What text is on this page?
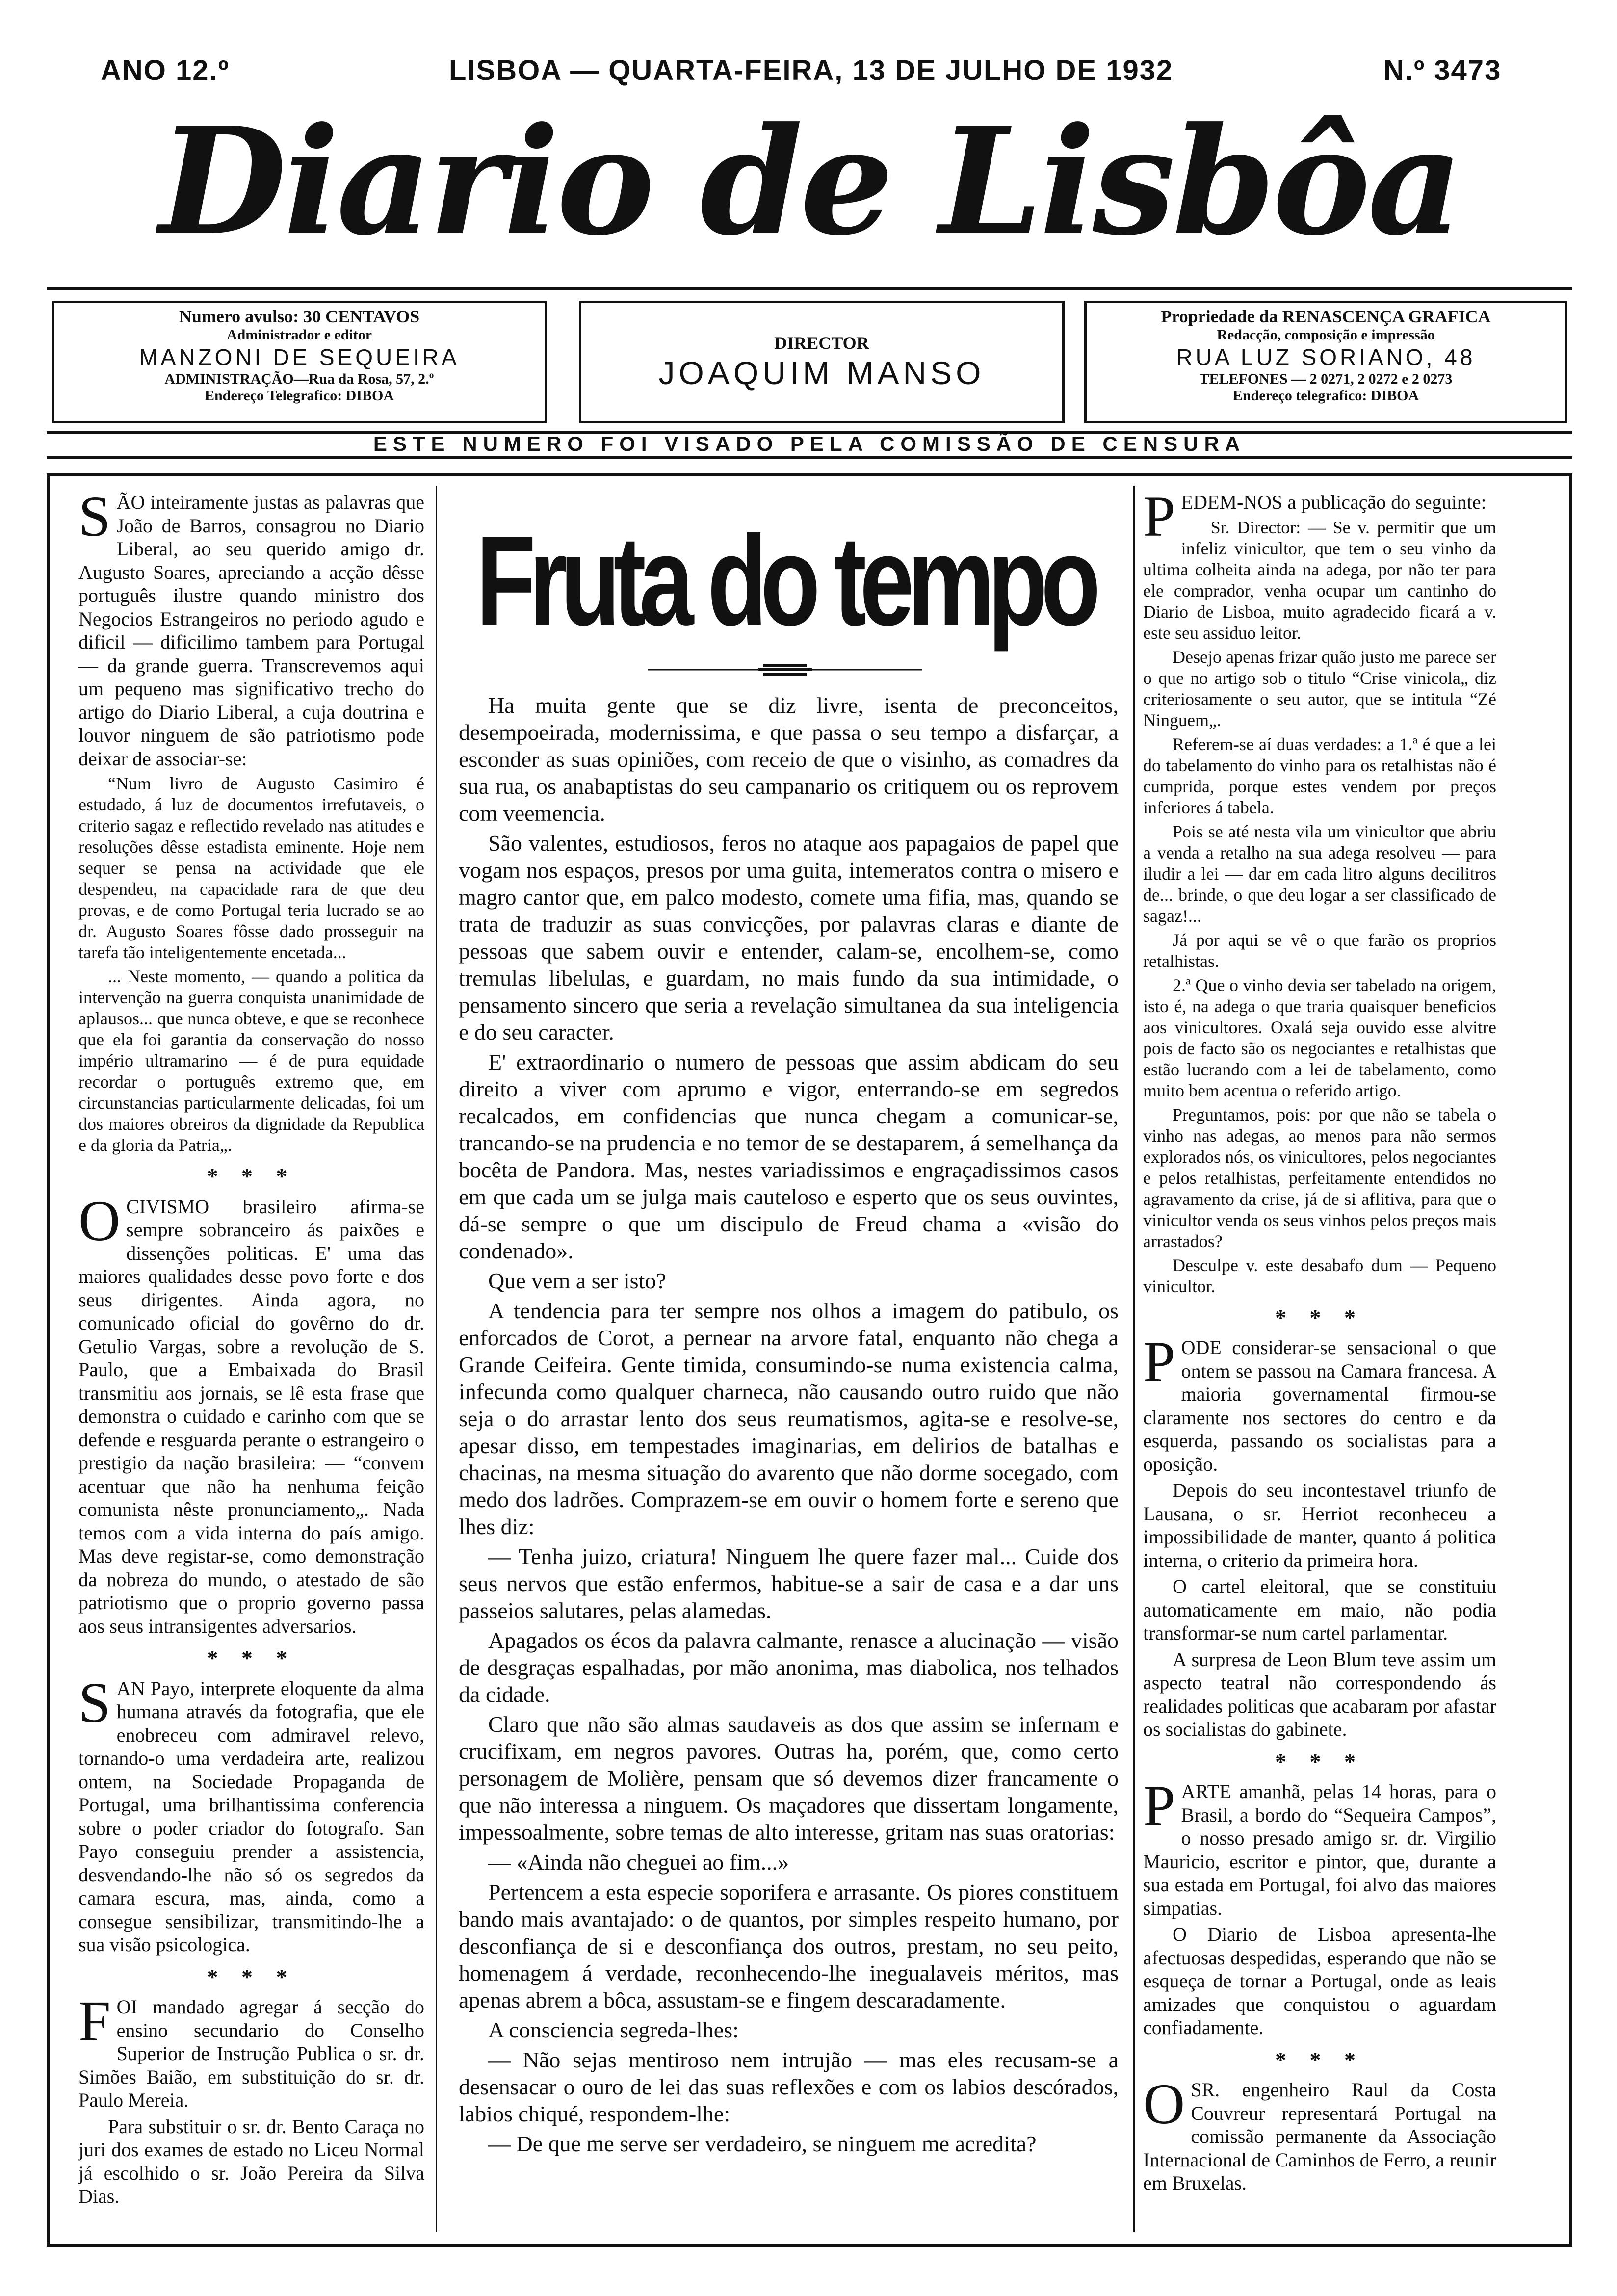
ANO 12.º	LISBOA — QUARTA-FEIRA, 13 DE JULHO DE 1932	N.º 3473
Diario de Lisbôa
Numero avulso: 30 CENTAVOS
Administrador e editor
MANZONI DE SEQUEIRA
ADMINISTRAÇÃO—Rua da Rosa, 57, 2.º
Endereço Telegrafico: DIBOA
DIRECTOR
JOAQUIM MANSO
Propriedade da RENASCENÇA GRAFICA
Redacção, composição e impressão
RUA LUZ SORIANO, 48
TELEFONES — 2 0271, 2 0272 e 2 0273
Endereço telegrafico: DIBOA
ESTE NUMERO FOI VISADO PELA COMISSÃO DE CENSURA

SÃO inteiramente justas as palavras que João de Barros, consagrou no Diario Liberal, ao seu querido amigo dr. Augusto Soares, apreciando a acção dêsse português ilustre quando ministro dos Negocios Estrangeiros no periodo agudo e dificil — dificilimo tambem para Portugal — da grande guerra. Transcrevemos aqui um pequeno mas significativo trecho do artigo do Diario Liberal, a cuja doutrina e louvor ninguem de são patriotismo pode deixar de associar-se:

“Num livro de Augusto Casimiro é estudado, á luz de documentos irrefutaveis, o criterio sagaz e reflectido revelado nas atitudes e resoluções dêsse estadista eminente. Hoje nem sequer se pensa na actividade que ele despendeu, na capacidade rara de que deu provas, e de como Portugal teria lucrado se ao dr. Augusto Soares fôsse dado prosseguir na tarefa tão inteligentemente encetada...

... Neste momento, — quando a politica da intervenção na guerra conquista unanimidade de aplausos... que nunca obteve, e que se reconhece que ela foi garantia da conservação do nosso império ultramarino — é de pura equidade recordar o português extremo que, em circunstancias particularmente delicadas, foi um dos maiores obreiros da dignidade da Republica e da gloria da Patria„.

* * *

OCIVISMO brasileiro afirma-se sempre sobranceiro ás paixões e dissenções politicas. E' uma das maiores qualidades desse povo forte e dos seus dirigentes. Ainda agora, no comunicado oficial do govêrno do dr. Getulio Vargas, sobre a revolução de S. Paulo, que a Embaixada do Brasil transmitiu aos jornais, se lê esta frase que demonstra o cuidado e carinho com que se defende e resguarda perante o estrangeiro o prestigio da nação brasileira: — “convem acentuar que não ha nenhuma feição comunista nêste pronunciamento„. Nada temos com a vida interna do país amigo. Mas deve registar-se, como demonstração da nobreza do mundo, o atestado de são patriotismo que o proprio governo passa aos seus intransigentes adversarios.

* * *

SAN Payo, interprete eloquente da alma humana através da fotografia, que ele enobreceu com admiravel relevo, tornando-o uma verdadeira arte, realizou ontem, na Sociedade Propaganda de Portugal, uma brilhantissima conferencia sobre o poder criador do fotografo. San Payo conseguiu prender a assistencia, desvendando-lhe não só os segredos da camara escura, mas, ainda, como a consegue sensibilizar, transmitindo-lhe a sua visão psicologica.

* * *

FOI mandado agregar á secção do ensino secundario do Conselho Superior de Instrução Publica o sr. dr. Simões Baião, em substituição do sr. dr. Paulo Mereia.

Para substituir o sr. dr. Bento Caraça no juri dos exames de estado no Liceu Normal já escolhido o sr. João Pereira da Silva Dias.

Fruta do tempo

Ha muita gente que se diz livre, isenta de preconceitos, desempoeirada, modernissima, e que passa o seu tempo a disfarçar, a esconder as suas opiniões, com receio de que o visinho, as comadres da sua rua, os anabaptistas do seu campanario os critiquem ou os reprovem com veemencia.

São valentes, estudiosos, feros no ataque aos papagaios de papel que vogam nos espaços, presos por uma guita, intemeratos contra o misero e magro cantor que, em palco modesto, comete uma fifia, mas, quando se trata de traduzir as suas convicções, por palavras claras e diante de pessoas que sabem ouvir e entender, calam-se, encolhem-se, como tremulas libelulas, e guardam, no mais fundo da sua intimidade, o pensamento sincero que seria a revelação simultanea da sua inteligencia e do seu caracter.

E' extraordinario o numero de pessoas que assim abdicam do seu direito a viver com aprumo e vigor, enterrando-se em segredos recalcados, em confidencias que nunca chegam a comunicar-se, trancando-se na prudencia e no temor de se destaparem, á semelhança da bocêta de Pandora. Mas, nestes variadissimos e engraçadissimos casos em que cada um se julga mais cauteloso e esperto que os seus ouvintes, dá-se sempre o que um discipulo de Freud chama a «visão do condenado».

Que vem a ser isto?

A tendencia para ter sempre nos olhos a imagem do patibulo, os enforcados de Corot, a pernear na arvore fatal, enquanto não chega a Grande Ceifeira. Gente timida, consumindo-se numa existencia calma, infecunda como qualquer charneca, não causando outro ruido que não seja o do arrastar lento dos seus reumatismos, agita-se e resolve-se, apesar disso, em tempestades imaginarias, em delirios de batalhas e chacinas, na mesma situação do avarento que não dorme socegado, com medo dos ladrões. Comprazem-se em ouvir o homem forte e sereno que lhes diz:

— Tenha juizo, criatura! Ninguem lhe quere fazer mal... Cuide dos seus nervos que estão enfermos, habitue-se a sair de casa e a dar uns passeios salutares, pelas alamedas.

Apagados os écos da palavra calmante, renasce a alucinação — visão de desgraças espalhadas, por mão anonima, mas diabolica, nos telhados da cidade.

Claro que não são almas saudaveis as dos que assim se infernam e crucifixam, em negros pavores. Outras ha, porém, que, como certo personagem de Molière, pensam que só devemos dizer francamente o que não interessa a ninguem. Os maçadores que dissertam longamente, impessoalmente, sobre temas de alto interesse, gritam nas suas oratorias:

— «Ainda não cheguei ao fim...»

Pertencem a esta especie soporifera e arrasante. Os piores constituem bando mais avantajado: o de quantos, por simples respeito humano, por desconfiança de si e desconfiança dos outros, prestam, no seu peito, homenagem á verdade, reconhecendo-lhe inegualaveis méritos, mas apenas abrem a bôca, assustam-se e fingem descaradamente.

A consciencia segreda-lhes:

— Não sejas mentiroso nem intrujão — mas eles recusam-se a desensacar o ouro de lei das suas reflexões e com os labios descórados, labios chiqué, respondem-lhe:

— De que me serve ser verdadeiro, se ninguem me acredita?

PEDEM-NOS a publicação do seguinte:

Sr. Director: — Se v. permitir que um infeliz vinicultor, que tem o seu vinho da ultima colheita ainda na adega, por não ter para ele comprador, venha ocupar um cantinho do Diario de Lisboa, muito agradecido ficará a v. este seu assiduo leitor.

Desejo apenas frizar quão justo me parece ser o que no artigo sob o titulo “Crise vinicola„ diz criteriosamente o seu autor, que se intitula “Zé Ninguem„.

Referem-se aí duas verdades: a 1.ª é que a lei do tabelamento do vinho para os retalhistas não é cumprida, porque estes vendem por preços inferiores á tabela.

Pois se até nesta vila um vinicultor que abriu a venda a retalho na sua adega resolveu — para iludir a lei — dar em cada litro alguns decilitros de... brinde, o que deu logar a ser classificado de sagaz!...

Já por aqui se vê o que farão os proprios retalhistas.

2.ª Que o vinho devia ser tabelado na origem, isto é, na adega o que traria quaisquer beneficios aos vinicultores. Oxalá seja ouvido esse alvitre pois de facto são os negociantes e retalhistas que estão lucrando com a lei de tabelamento, como muito bem acentua o referido artigo.

Preguntamos, pois: por que não se tabela o vinho nas adegas, ao menos para não sermos explorados nós, os vinicultores, pelos negociantes e pelos retalhistas, perfeitamente entendidos no agravamento da crise, já de si aflitiva, para que o vinicultor venda os seus vinhos pelos preços mais arrastados?

Desculpe v. este desabafo dum — Pequeno vinicultor.

* * *

PODE considerar-se sensacional o que ontem se passou na Camara francesa. A maioria governamental firmou-se claramente nos sectores do centro e da esquerda, passando os socialistas para a oposição.

Depois do seu incontestavel triunfo de Lausana, o sr. Herriot reconheceu a impossibilidade de manter, quanto á politica interna, o criterio da primeira hora.

O cartel eleitoral, que se constituiu automaticamente em maio, não podia transformar-se num cartel parlamentar.

A surpresa de Leon Blum teve assim um aspecto teatral não correspondendo ás realidades politicas que acabaram por afastar os socialistas do gabinete.

* * *

PARTE amanhã, pelas 14 horas, para o Brasil, a bordo do “Sequeira Campos”, o nosso presado amigo sr. dr. Virgilio Mauricio, escritor e pintor, que, durante a sua estada em Portugal, foi alvo das maiores simpatias.

O Diario de Lisboa apresenta-lhe afectuosas despedidas, esperando que não se esqueça de tornar a Portugal, onde as leais amizades que conquistou o aguardam confiadamente.

* * *

OSR. engenheiro Raul da Costa Couvreur representará Portugal na comissão permanente da Associação Internacional de Caminhos de Ferro, a reunir em Bruxelas.
